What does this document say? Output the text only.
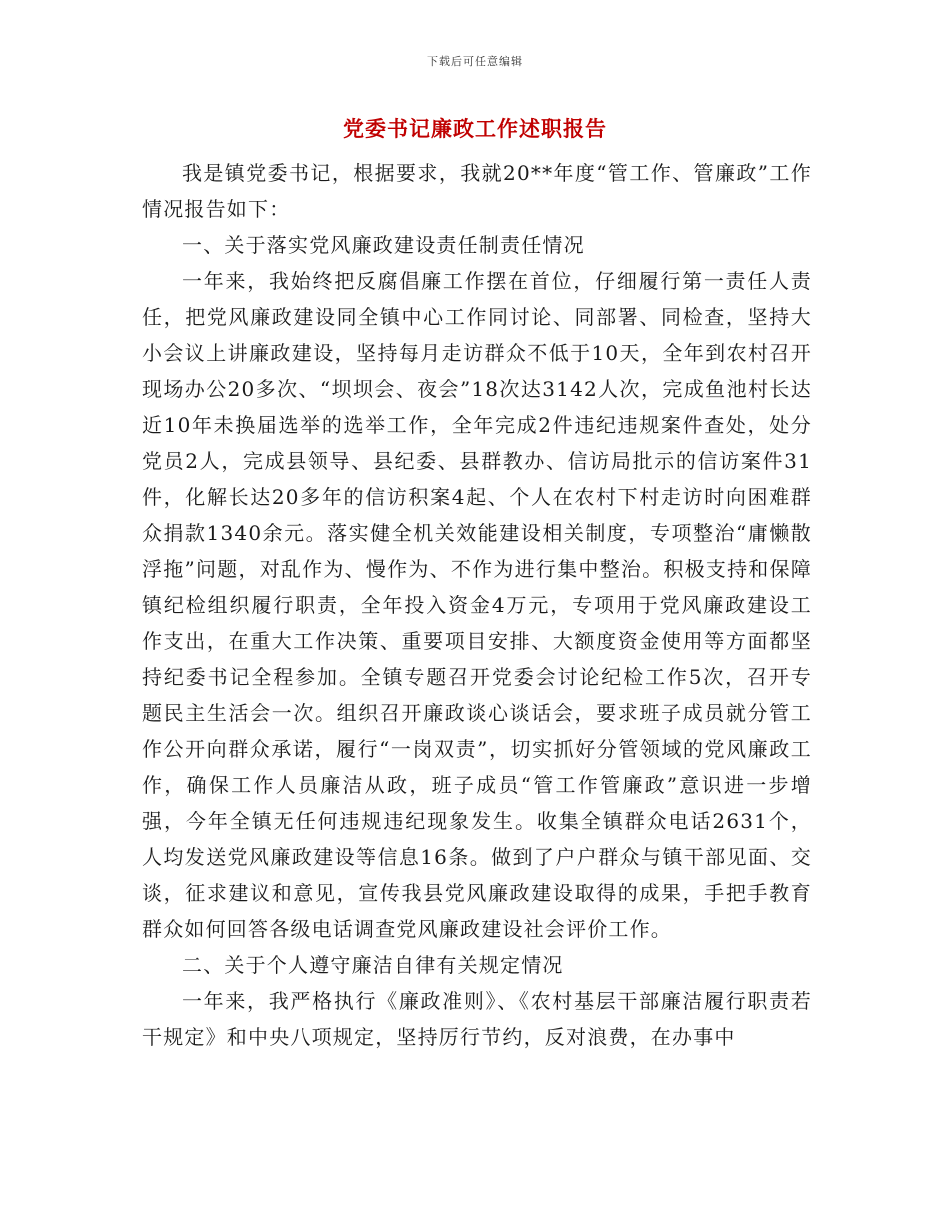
下载后可任意编辑
党委书记廉政工作述职报告

我是镇党委书记，根据要求，我就20**年度“管工作、管廉政”工作情况报告如下：

一、关于落实党风廉政建设责任制责任情况

一年来，我始终把反腐倡廉工作摆在首位，仔细履行第一责任人责任，把党风廉政建设同全镇中心工作同讨论、同部署、同检查，坚持大小会议上讲廉政建设，坚持每月走访群众不低于10天，全年到农村召开现场办公20多次、“坝坝会、夜会”18次达3142人次，完成鱼池村长达近10年未换届选举的选举工作，全年完成2件违纪违规案件查处，处分党员2人，完成县领导、县纪委、县群教办、信访局批示的信访案件31件，化解长达20多年的信访积案4起、个人在农村下村走访时向困难群众捐款1340余元。落实健全机关效能建设相关制度，专项整治“庸懒散浮拖”问题，对乱作为、慢作为、不作为进行集中整治。积极支持和保障镇纪检组织履行职责，全年投入资金4万元，专项用于党风廉政建设工作支出，在重大工作决策、重要项目安排、大额度资金使用等方面都坚持纪委书记全程参加。全镇专题召开党委会讨论纪检工作5次，召开专题民主生活会一次。组织召开廉政谈心谈话会，要求班子成员就分管工作公开向群众承诺，履行“一岗双责”，切实抓好分管领域的党风廉政工作，确保工作人员廉洁从政，班子成员“管工作管廉政”意识进一步增强，今年全镇无任何违规违纪现象发生。收集全镇群众电话2631个，人均发送党风廉政建设等信息16条。做到了户户群众与镇干部见面、交谈，征求建议和意见，宣传我县党风廉政建设取得的成果，手把手教育群众如何回答各级电话调查党风廉政建设社会评价工作。

二、关于个人遵守廉洁自律有关规定情况

一年来，我严格执行《廉政准则》、《农村基层干部廉洁履行职责若干规定》和中央八项规定，坚持厉行节约，反对浪费，在办事中
